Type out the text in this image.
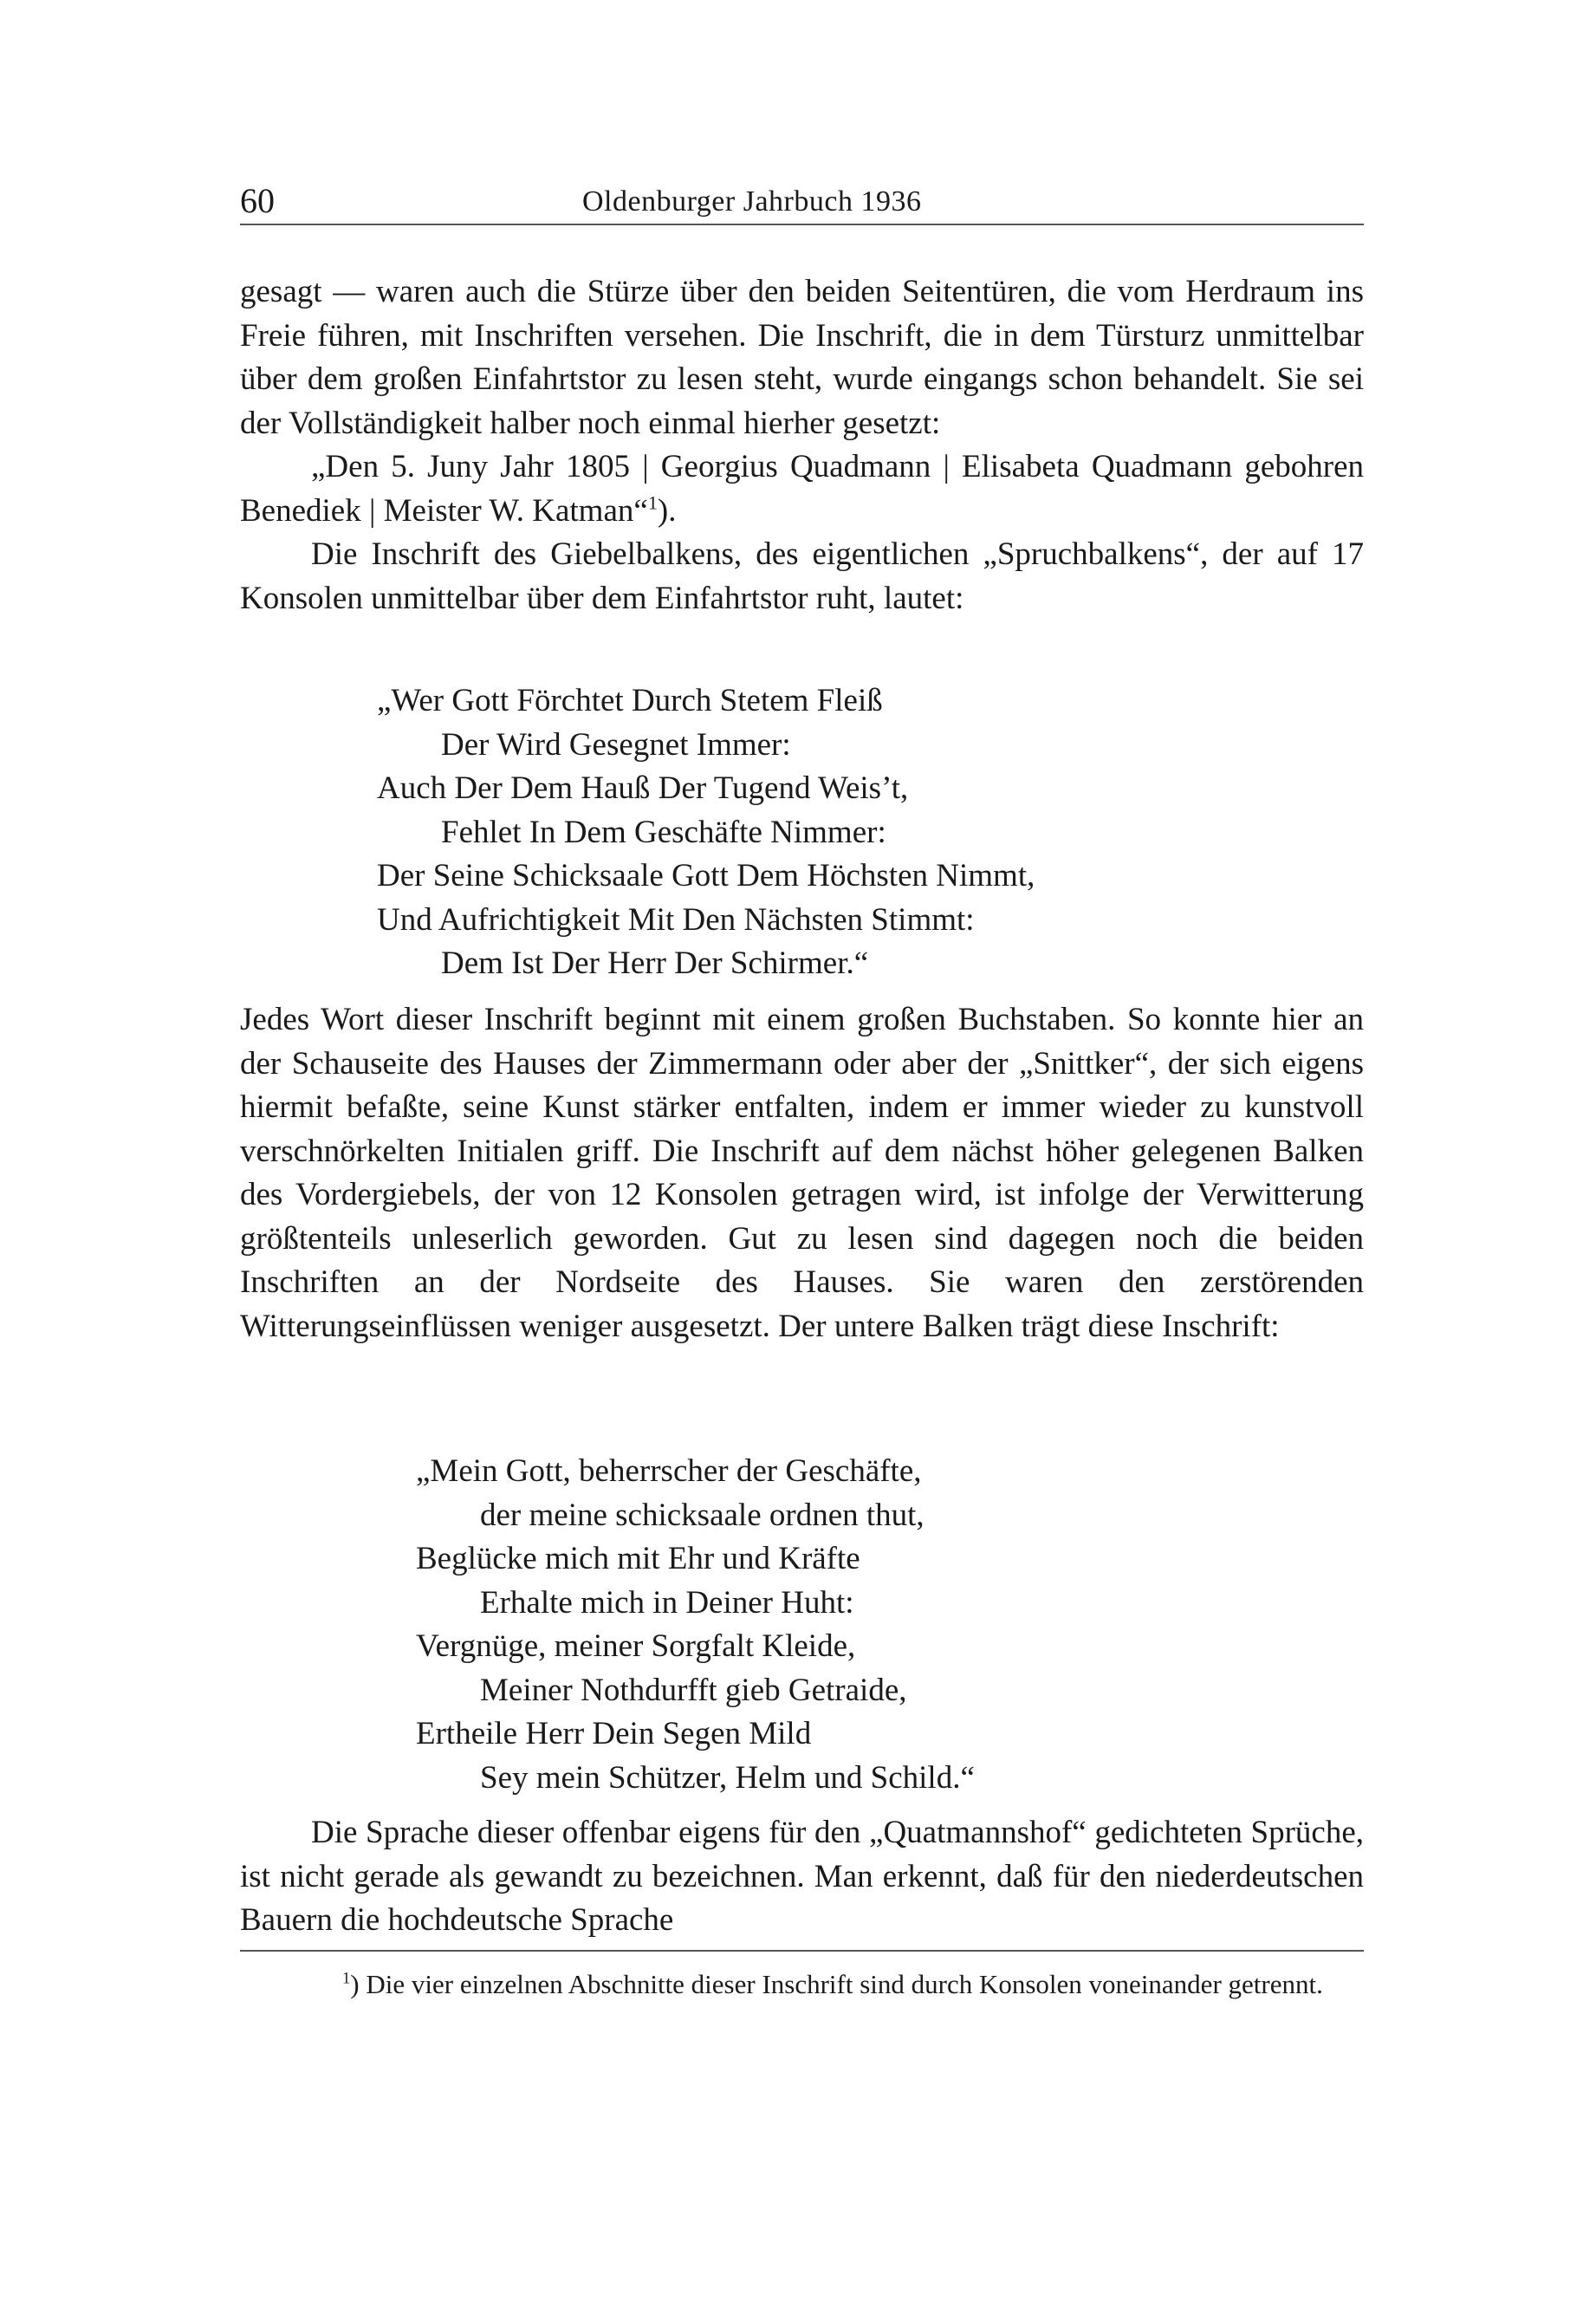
60	Oldenburger Jahrbuch 1936

gesagt — waren auch die Stürze über den beiden Seitentüren, die vom Herdraum ins Freie führen, mit Inschriften versehen. Die Inschrift, die in dem Türsturz unmittelbar über dem großen Einfahrtstor zu lesen steht, wurde eingangs schon behandelt. Sie sei der Vollständigkeit halber noch einmal hierher gesetzt:

„Den 5. Juny Jahr 1805 | Georgius Quadmann | Elisabeta Quadmann gebohren Benediek | Meister W. Katman“$^1$).

Die Inschrift des Giebelbalkens, des eigentlichen „Spruchbalkens“, der auf 17 Konsolen unmittelbar über dem Einfahrtstor ruht, lautet:

„Wer Gott Förchtet Durch Stetem Fleiß
Der Wird Gesegnet Immer:
Auch Der Dem Hauß Der Tugend Weis’t,
Fehlet In Dem Geschäfte Nimmer:
Der Seine Schicksaale Gott Dem Höchsten Nimmt,
Und Aufrichtigkeit Mit Den Nächsten Stimmt:
Dem Ist Der Herr Der Schirmer.“

Jedes Wort dieser Inschrift beginnt mit einem großen Buchstaben. So konnte hier an der Schauseite des Hauses der Zimmermann oder aber der „Snittker“, der sich eigens hiermit befaßte, seine Kunst stärker entfalten, indem er immer wieder zu kunstvoll verschnörkelten Initialen griff. Die Inschrift auf dem nächst höher gelegenen Balken des Vordergiebels, der von 12 Konsolen getragen wird, ist infolge der Verwitterung größtenteils unleserlich geworden. Gut zu lesen sind dagegen noch die beiden Inschriften an der Nordseite des Hauses. Sie waren den zerstörenden Witterungseinflüssen weniger ausgesetzt. Der untere Balken trägt diese Inschrift:

„Mein Gott, beherrscher der Geschäfte,
der meine schicksaale ordnen thut,
Beglücke mich mit Ehr und Kräfte
Erhalte mich in Deiner Huht:
Vergnüge, meiner Sorgfalt Kleide,
Meiner Nothdurfft gieb Getraide,
Ertheile Herr Dein Segen Mild
Sey mein Schützer, Helm und Schild.“

Die Sprache dieser offenbar eigens für den „Quatmannshof“ gedichteten Sprüche, ist nicht gerade als gewandt zu bezeichnen. Man erkennt, daß für den niederdeutschen Bauern die hochdeutsche Sprache

$^1$) Die vier einzelnen Abschnitte dieser Inschrift sind durch Konsolen voneinander getrennt.
